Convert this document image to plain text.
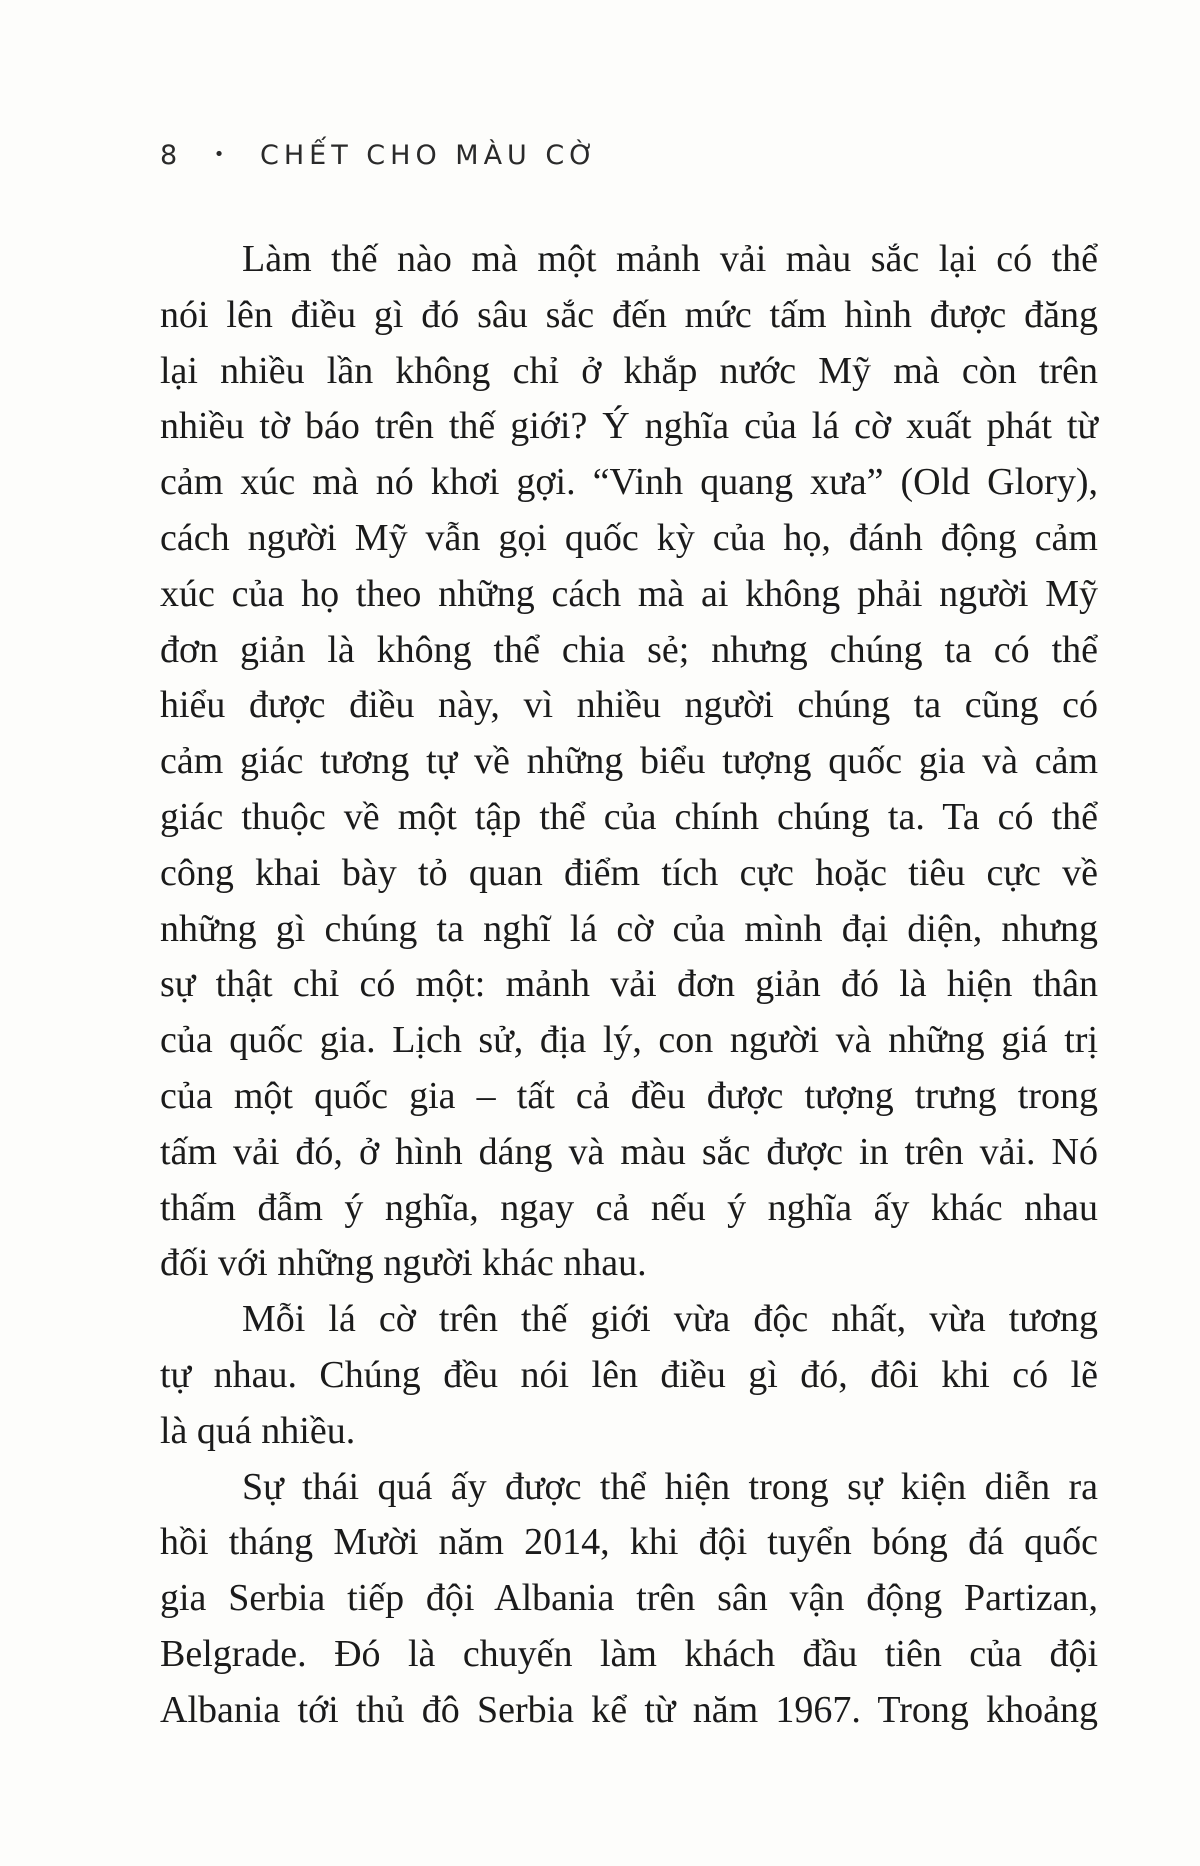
8 • CHẾT CHO MÀU CỜ
Làm thế nào mà một mảnh vải màu sắc lại có thể
nói lên điều gì đó sâu sắc đến mức tấm hình được đăng
lại nhiều lần không chỉ ở khắp nước Mỹ mà còn trên
nhiều tờ báo trên thế giới? Ý nghĩa của lá cờ xuất phát từ
cảm xúc mà nó khơi gợi. “Vinh quang xưa” (Old Glory),
cách người Mỹ vẫn gọi quốc kỳ của họ, đánh động cảm
xúc của họ theo những cách mà ai không phải người Mỹ
đơn giản là không thể chia sẻ; nhưng chúng ta có thể
hiểu được điều này, vì nhiều người chúng ta cũng có
cảm giác tương tự về những biểu tượng quốc gia và cảm
giác thuộc về một tập thể của chính chúng ta. Ta có thể
công khai bày tỏ quan điểm tích cực hoặc tiêu cực về
những gì chúng ta nghĩ lá cờ của mình đại diện, nhưng
sự thật chỉ có một: mảnh vải đơn giản đó là hiện thân
của quốc gia. Lịch sử, địa lý, con người và những giá trị
của một quốc gia – tất cả đều được tượng trưng trong
tấm vải đó, ở hình dáng và màu sắc được in trên vải. Nó
thấm đẫm ý nghĩa, ngay cả nếu ý nghĩa ấy khác nhau
đối với những người khác nhau.
Mỗi lá cờ trên thế giới vừa độc nhất, vừa tương
tự nhau. Chúng đều nói lên điều gì đó, đôi khi có lẽ
là quá nhiều.
Sự thái quá ấy được thể hiện trong sự kiện diễn ra
hồi tháng Mười năm 2014, khi đội tuyển bóng đá quốc
gia Serbia tiếp đội Albania trên sân vận động Partizan,
Belgrade. Đó là chuyến làm khách đầu tiên của đội
Albania tới thủ đô Serbia kể từ năm 1967. Trong khoảng
